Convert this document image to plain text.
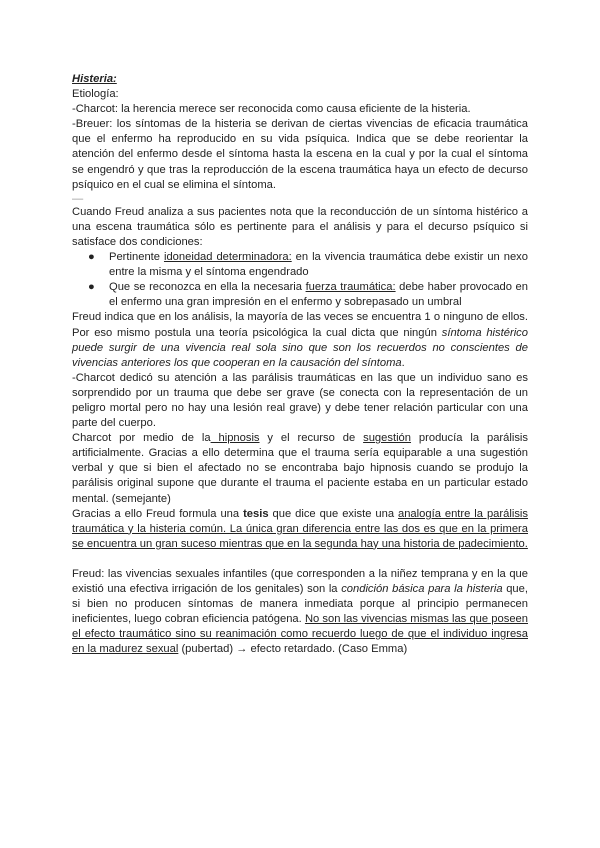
Histeria:

Etiología:

-Charcot: la herencia merece ser reconocida como causa eficiente de la histeria.

-Breuer: los síntomas de la histeria se derivan de ciertas vivencias de eficacia traumática que el enfermo ha reproducido en su vida psíquica. Indica que se debe reorientar la atención del enfermo desde el síntoma hasta la escena en la cual y por la cual el síntoma se engendró y que tras la reproducción de la escena traumática haya un efecto de decurso psíquico en el cual se elimina el síntoma.

—

Cuando Freud analiza a sus pacientes nota que la reconducción de un síntoma histérico a una escena traumática sólo es pertinente para el análisis y para el decurso psíquico si satisface dos condiciones:

● Pertinente idoneidad determinadora: en la vivencia traumática debe existir un nexo entre la misma y el síntoma engendrado
● Que se reconozca en ella la necesaria fuerza traumática: debe haber provocado en el enfermo una gran impresión en el enfermo y sobrepasado un umbral

Freud indica que en los análisis, la mayoría de las veces se encuentra 1 o ninguno de ellos. Por eso mismo postula una teoría psicológica la cual dicta que ningún síntoma histérico puede surgir de una vivencia real sola sino que son los recuerdos no conscientes de vivencias anteriores los que cooperan en la causación del síntoma.

-Charcot dedicó su atención a las parálisis traumáticas en las que un individuo sano es sorprendido por un trauma que debe ser grave (se conecta con la representación de un peligro mortal pero no hay una lesión real grave) y debe tener relación particular con una parte del cuerpo.

Charcot por medio de la hipnosis y el recurso de sugestión producía la parálisis artificialmente. Gracias a ello determina que el trauma sería equiparable a una sugestión verbal y que si bien el afectado no se encontraba bajo hipnosis cuando se produjo la parálisis original supone que durante el trauma el paciente estaba en un particular estado mental. (semejante)

Gracias a ello Freud formula una tesis que dice que existe una analogía entre la parálisis traumática y la histeria común. La única gran diferencia entre las dos es que en la primera se encuentra un gran suceso mientras que en la segunda hay una historia de padecimiento.

Freud: las vivencias sexuales infantiles (que corresponden a la niñez temprana y en la que existió una efectiva irrigación de los genitales) son la condición básica para la histeria que, si bien no producen síntomas de manera inmediata porque al principio permanecen ineficientes, luego cobran eficiencia patógena. No son las vivencias mismas las que poseen el efecto traumático sino su reanimación como recuerdo luego de que el individuo ingresa en la madurez sexual (pubertad) → efecto retardado. (Caso Emma)
